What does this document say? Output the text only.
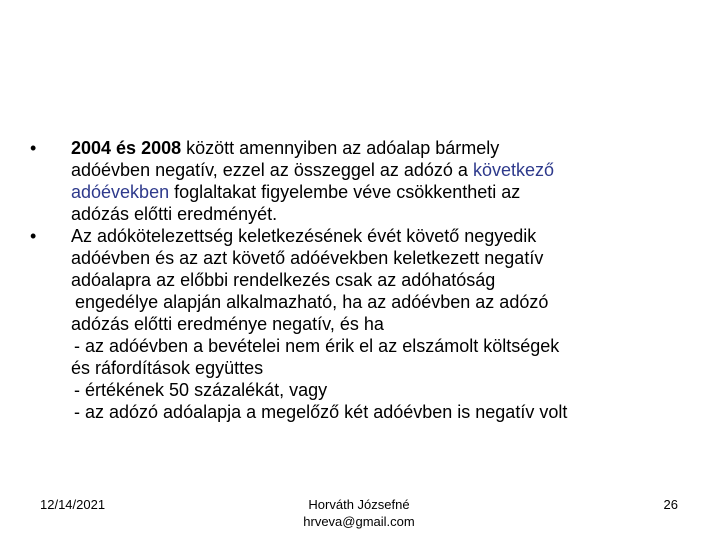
•	2004 és 2008 között amennyiben az adóalap bármely
adóévben negatív, ezzel az összeggel az adózó a következő
adóévekben foglaltakat figyelembe véve csökkentheti az
adózás előtti eredményét.
•	Az adókötelezettség keletkezésének évét követő negyedik
adóévben és az azt követő adóévekben keletkezett negatív
adóalapra az előbbi rendelkezés csak az adóhatóság
engedélye alapján alkalmazható, ha az adóévben az adózó
adózás előtti eredménye negatív, és ha
- az adóévben a bevételei nem érik el az elszámolt költségek
és ráfordítások együttes
- értékének 50 százalékát, vagy
- az adózó adóalapja a megelőző két adóévben is negatív volt
12/14/2021	Horváth Józsefné
hrveva@gmail.com
26
